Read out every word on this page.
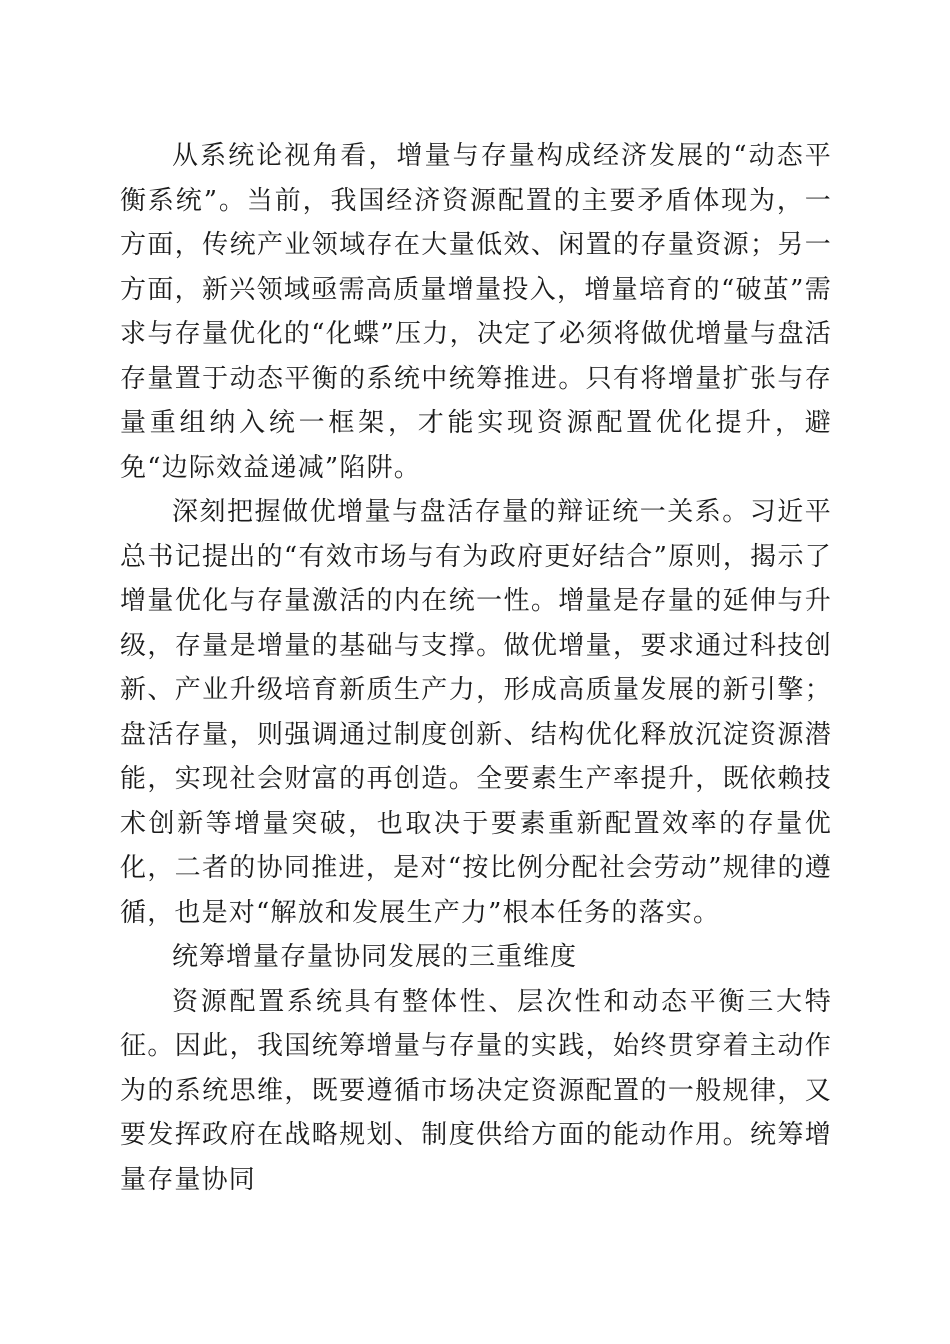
从系统论视角看，增量与存量构成经济发展的“动态平衡系统”。当前，我国经济资源配置的主要矛盾体现为，一方面，传统产业领域存在大量低效、闲置的存量资源；另一方面，新兴领域亟需高质量增量投入，增量培育的“破茧”需求与存量优化的“化蝶”压力，决定了必须将做优增量与盘活存量置于动态平衡的系统中统筹推进。只有将增量扩张与存量重组纳入统一框架，才能实现资源配置优化提升，避免“边际效益递减”陷阱。

深刻把握做优增量与盘活存量的辩证统一关系。习近平总书记提出的“有效市场与有为政府更好结合”原则，揭示了增量优化与存量激活的内在统一性。增量是存量的延伸与升级，存量是增量的基础与支撑。做优增量，要求通过科技创新、产业升级培育新质生产力，形成高质量发展的新引擎；盘活存量，则强调通过制度创新、结构优化释放沉淀资源潜能，实现社会财富的再创造。全要素生产率提升，既依赖技术创新等增量突破，也取决于要素重新配置效率的存量优化，二者的协同推进，是对“按比例分配社会劳动”规律的遵循，也是对“解放和发展生产力”根本任务的落实。

统筹增量存量协同发展的三重维度

资源配置系统具有整体性、层次性和动态平衡三大特征。因此，我国统筹增量与存量的实践，始终贯穿着主动作为的系统思维，既要遵循市场决定资源配置的一般规律，又要发挥政府在战略规划、制度供给方面的能动作用。统筹增量存量协同
